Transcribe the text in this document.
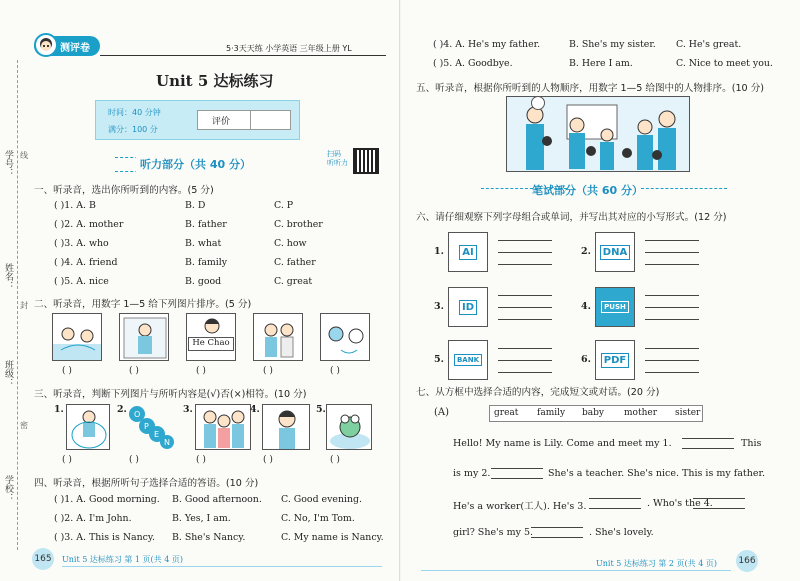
学号：
姓名：
班级：
学校：
线
封
密
测评卷	5·3天天练 小学英语 三年级上册 YL
Unit 5 达标练习
时间：40 分钟
满分：100 分
评价
听力部分（共 40 分）
扫码
听听力
一、听录音，选出你所听到的内容。(5 分)
二、听录音，用数字 1—5 给下列图片排序。(5 分)
He Chao
三、听录音，判断下列图片与所听内容是(√)否(×)相符。(10 分)
O
P
E
N
四、听录音，根据所听句子选择合适的答语。(10 分)
165	Unit 5 达标练习 第 1 页(共 4 页)
( )1. A. B	B. D	C. P
( )2. A. mother	B. father	C. brother
( )3. A. who	B. what	C. how
( )4. A. friend	B. family	C. father
( )5. A. nice	B. good	C. great
( )	( )	( )	( )	( )
1.	2.	3.	4.	5.
( )	( )	( )	( )	( )
( )1. A. Good morning. B. Good afternoon. C. Good evening.
( )2. A. I'm John.	B. Yes, I am.	C. No, I'm Tom.
( )3. A. This is Nancy. B. She's Nancy.	C. My name is Nancy.
五、听录音，根据你所听到的人物顺序，用数字 1—5 给图中的人物排序。(10 分)
笔试部分（共 60 分）
六、请仔细观察下列字母组合或单词，并写出其对应的小写形式。(12 分)
七、从方框中选择合适的内容，完成短文或对话。(20 分)
(A)
Unit 5 达标练习 第 2 页(共 4 页) 166
( )4. A. He's my father.	B. She's my sister. C. He's great.
( )5. A. Goodbye.	B. Here I am.	C. Nice to meet you.
1.	AI	2.	DNA
3.	ID	4.	PUSH
5.	BANK	6.	PDF
great family baby mother sister
Hello! My name is Lily. Come and meet my 1.	This
is my 2.	She's a teacher. She's nice. This is my father.
He's a worker(工人). He's 3.	. Who's the 4.
girl? She's my 5.	. She's lovely.
